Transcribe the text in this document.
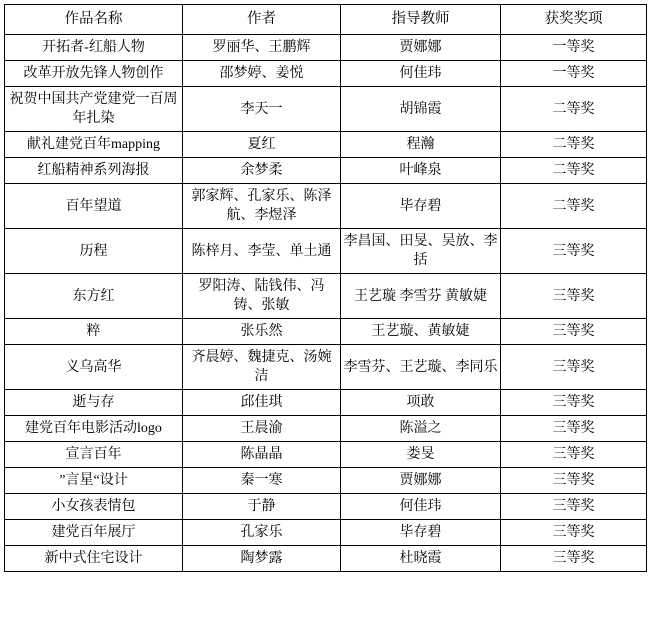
作品名称	作者	指导教师	获奖奖项
开拓者-红船人物	罗丽华、王鹏辉	贾娜娜	一等奖
改革开放先锋人物创作	邵梦婷、姜悦	何佳玮	一等奖
祝贺中国共产党建党一百周年扎染	李天一	胡锦霞	二等奖
献礼建党百年mapping	夏红	程瀚	二等奖
红船精神系列海报	余梦柔	叶峰泉	二等奖
百年望道	郭家辉、孔家乐、陈泽航、李煜泽	毕存碧	二等奖
历程	陈梓月、李莹、单土通	李昌国、田旻、吴放、李括	三等奖
东方红	罗阳涛、陆钱伟、冯铸、张敏	王艺璇 李雪芬 黄敏婕	三等奖
粹	张乐然	王艺璇、黄敏婕	三等奖
义乌高华	齐晨婷、魏捷克、汤婉洁	李雪芬、王艺璇、李同乐	三等奖
逝与存	邱佳琪	项敢	三等奖
建党百年电影活动logo	王晨渝	陈溢之	三等奖
宣言百年	陈晶晶	娄旻	三等奖
”言星“设计	秦一寒	贾娜娜	三等奖
小女孩表情包	于静	何佳玮	三等奖
建党百年展厅	孔家乐	毕存碧	三等奖
新中式住宅设计	陶梦露	杜晓霞	三等奖
